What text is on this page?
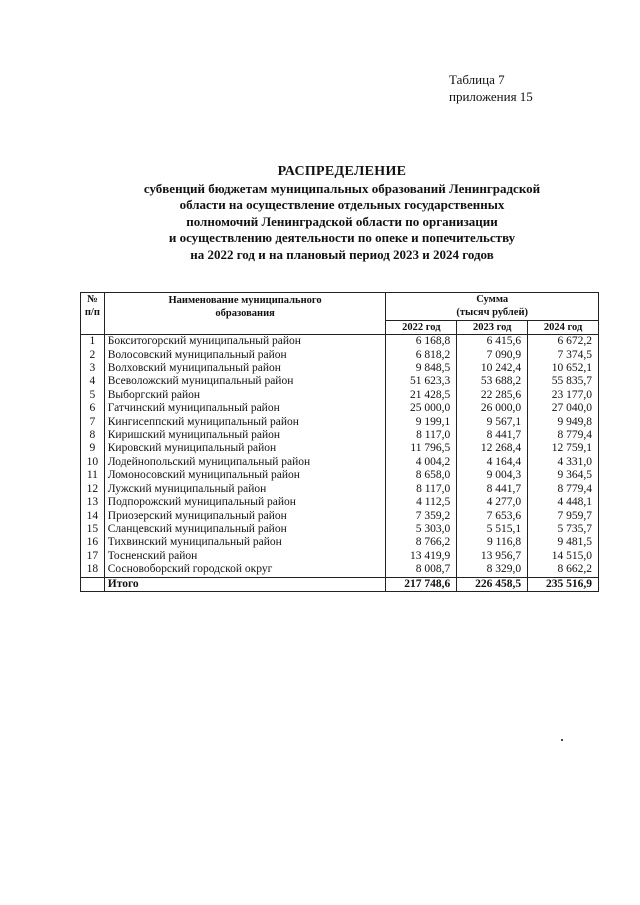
Таблица 7
приложения 15
РАСПРЕДЕЛЕНИЕ
субвенций бюджетам муниципальных образований Ленинградской
области на осуществление отдельных государственных
полномочий Ленинградской области по организации
и осуществлению деятельности по опеке и попечительству
на 2022 год и на плановый период 2023 и 2024 годов
№ п/п	Наименование муниципального образования	Сумма
(тысяч рублей)		

		2022 год	2023 год	2024 год
1	Бокситогорский муниципальный район	6 168,8	6 415,6	6 672,2
2	Волосовский муниципальный район	6 818,2	7 090,9	7 374,5
3	Волховский муниципальный район	9 848,5	10 242,4	10 652,1
4	Всеволожский муниципальный район	51 623,3	53 688,2	55 835,7
5	Выборгский район	21 428,5	22 285,6	23 177,0
6	Гатчинский муниципальный район	25 000,0	26 000,0	27 040,0
7	Кингисеппский муниципальный район	9 199,1	9 567,1	9 949,8
8	Киришский муниципальный район	8 117,0	8 441,7	8 779,4
9	Кировский муниципальный район	11 796,5	12 268,4	12 759,1
10	Лодейнопольский муниципальный район	4 004,2	4 164,4	4 331,0
11	Ломоносовский муниципальный район	8 658,0	9 004,3	9 364,5
12	Лужский муниципальный район	8 117,0	8 441,7	8 779,4
13	Подпорожский муниципальный район	4 112,5	4 277,0	4 448,1
14	Приозерский муниципальный район	7 359,2	7 653,6	7 959,7
15	Сланцевский муниципальный район	5 303,0	5 515,1	5 735,7
16	Тихвинский муниципальный район	8 766,2	9 116,8	9 481,5
17	Тосненский район	13 419,9	13 956,7	14 515,0
18	Сосновоборский городской округ	8 008,7	8 329,0	8 662,2
	Итого	217 748,6	226 458,5	235 516,9
